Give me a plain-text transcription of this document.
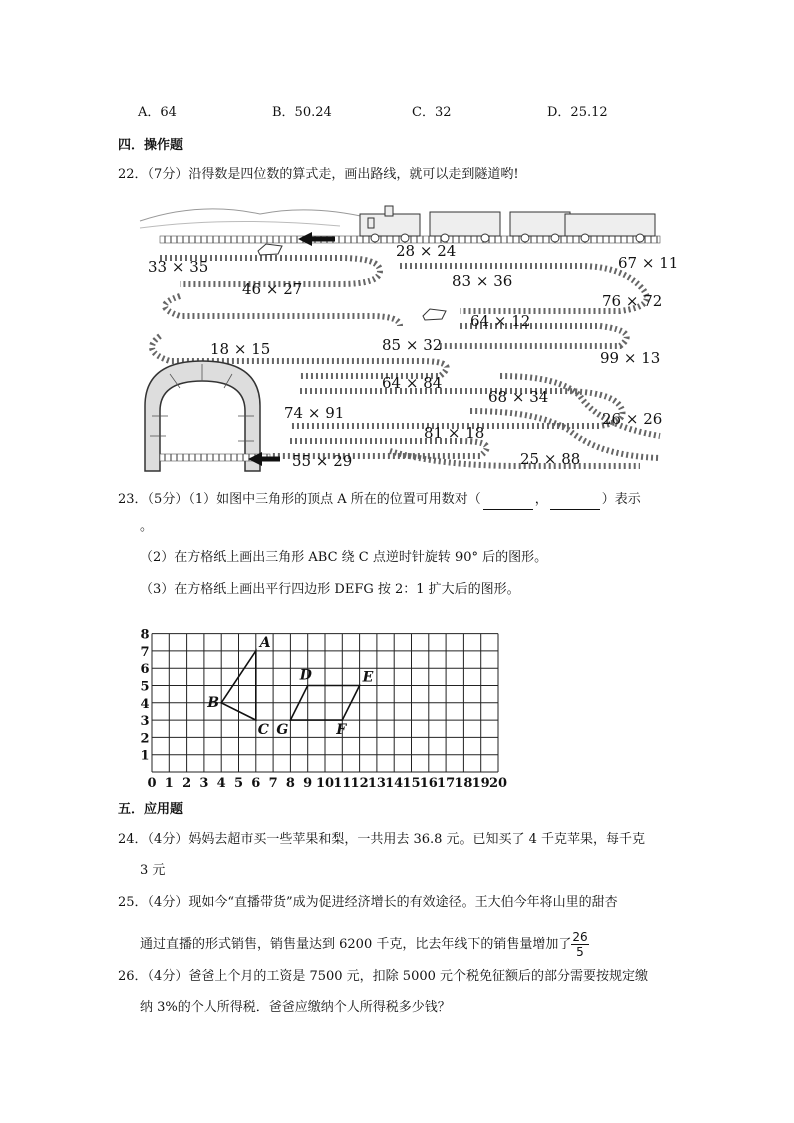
A．64	B．50.24	C．32	D．25.12
四．操作题
22．（7分）沿得数是四位数的算式走，画出路线，就可以走到隧道哟!
28 × 24
33 × 35	67 × 11
83 × 36
46 × 27
76 × 72
64 × 12
18 × 15	85 × 32
99 × 13
64 × 84
68 × 34
74 × 91	26 × 26
81 × 18
55 × 29	25 × 88
23．（5分）（1）如图中三角形的顶点 A 所在的位置可用数对（	，	）表示
。
（2）在方格纸上画出三角形 ABC 绕 C 点逆时针旋转 90° 后的图形。
（3）在方格纸上画出平行四边形 DEFG 按 2：1 扩大后的图形。
0 1 2 3 4 5 6 7 8 9 10 11 12 13 14 15 16 17 18 19 20
1
2
3
4
5
6
7
8	A
B
C
D	E
F
G
五．应用题
24．（4分）妈妈去超市买一些苹果和梨，一共用去 36.8 元。已知买了 4 千克苹果，每千克
3 元
25．（4分）现如今“直播带货”成为促进经济增长的有效途径。王大伯今年将山里的甜杏
通过直播的形式销售，销售量达到 6200 千克，比去年线下的销售量增加了 $\frac{26}{5}$
26．（4分）爸爸上个月的工资是 7500 元，扣除 5000 元个税免征额后的部分需要按规定缴
纳 3%的个人所得税．爸爸应缴纳个人所得税多少钱？
